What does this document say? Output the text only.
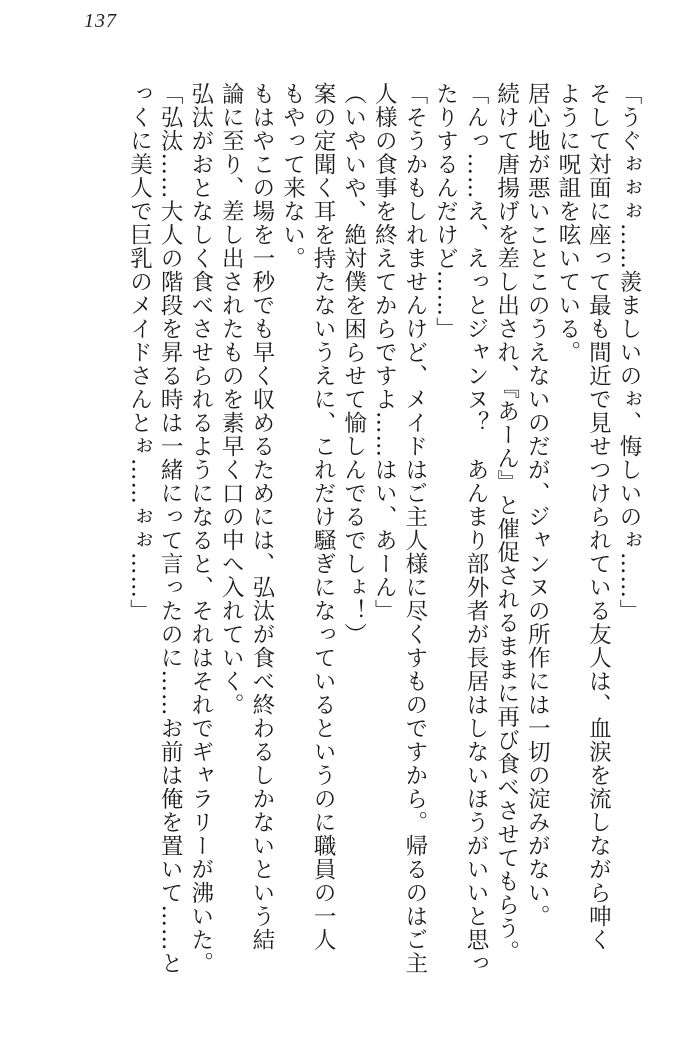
137
「うぐぉぉぉ……羨ましいのぉ、悔しいのぉ……」
そして対面に座って最も間近で見せつけられている友人は、血涙を流しながら呻く
ように呪詛を呟いている。
居心地が悪いことこのうえないのだが、ジャンヌの所作には一切の淀みがない。
続けて唐揚げを差し出され、『あーん』と催促されるままに再び食べさせてもらう。
「んっ……え、えっとジャンヌ？　あんまり部外者が長居はしないほうがいいと思っ
たりするんだけど……」
「そうかもしれませんけど、メイドはご主人様に尽くすものですから。帰るのはご主
人様の食事を終えてからですよ……はい、あーん」
（いやいや、絶対僕を困らせて愉しんでるでしょ！）
案の定聞く耳を持たないうえに、これだけ騒ぎになっているというのに職員の一人
もやって来ない。
もはやこの場を一秒でも早く収めるためには、弘汰が食べ終わるしかないという結
論に至り、差し出されたものを素早く口の中へ入れていく。
弘汰がおとなしく食べさせられるようになると、それはそれでギャラリーが沸いた。
「弘汰……大人の階段を昇る時は一緒にって言ったのに……お前は俺を置いて……と
っくに美人で巨乳のメイドさんとぉ……ぉぉ……」
